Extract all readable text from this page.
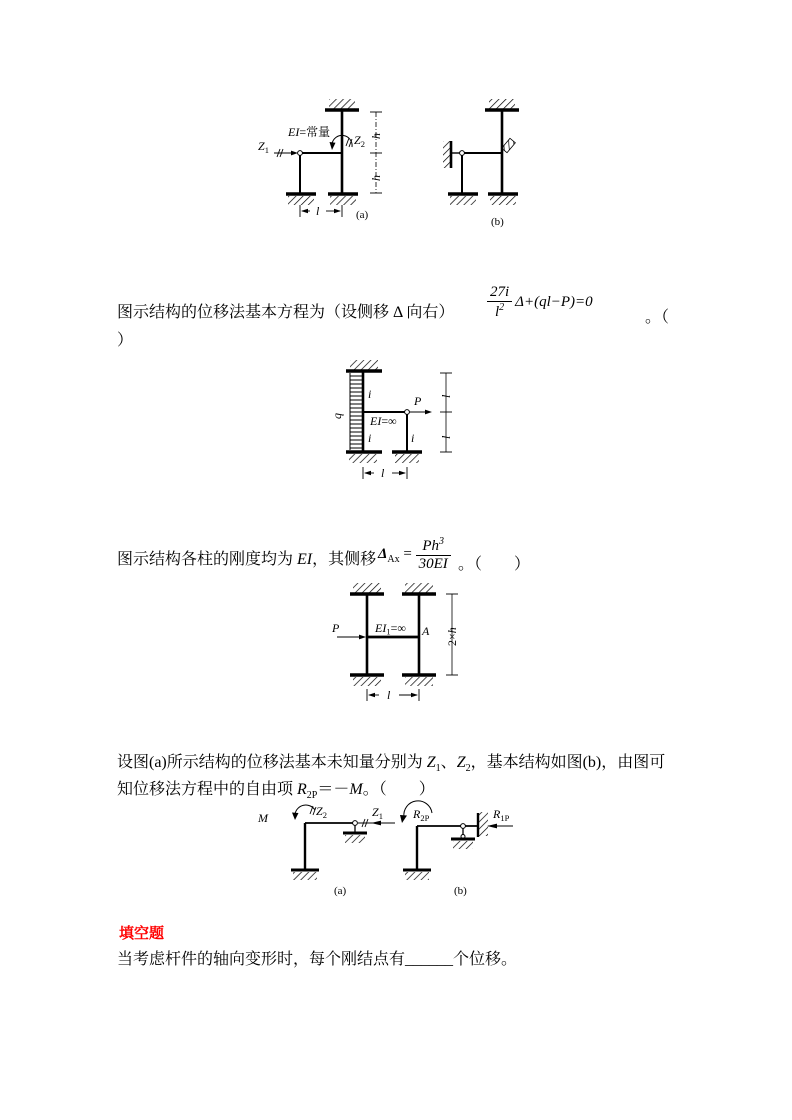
$Z_1$
$Z_2$
EI=常量	h
h
l	(a)
(b)
图示结构的位移法基本方程为（设侧移 Δ 向右） $\frac{27i}{l^2} \Delta+(ql-P)=0$
。（
）
q
i
i	i
EI=∞
P l
l
l
图示结构各柱的刚度均为 EI，其侧移 $\Delta_{Ax} = \frac{Ph^3}{30EI}$ 。（　　）
P	$EI_1=\infty$ A
2×h
l
设图(a)所示结构的位移法基本未知量分别为 $Z_1$、$Z_2$，基本结构如图(b)，由图可
知位移法方程中的自由项 $R_{2P}=-M$。（　　）
$Z_1$
M	$Z_2$
(a)
$R_{1P}$
$R_{2P}$
(b)
填空题
当考虑杆件的轴向变形时，每个刚结点有______个位移。
